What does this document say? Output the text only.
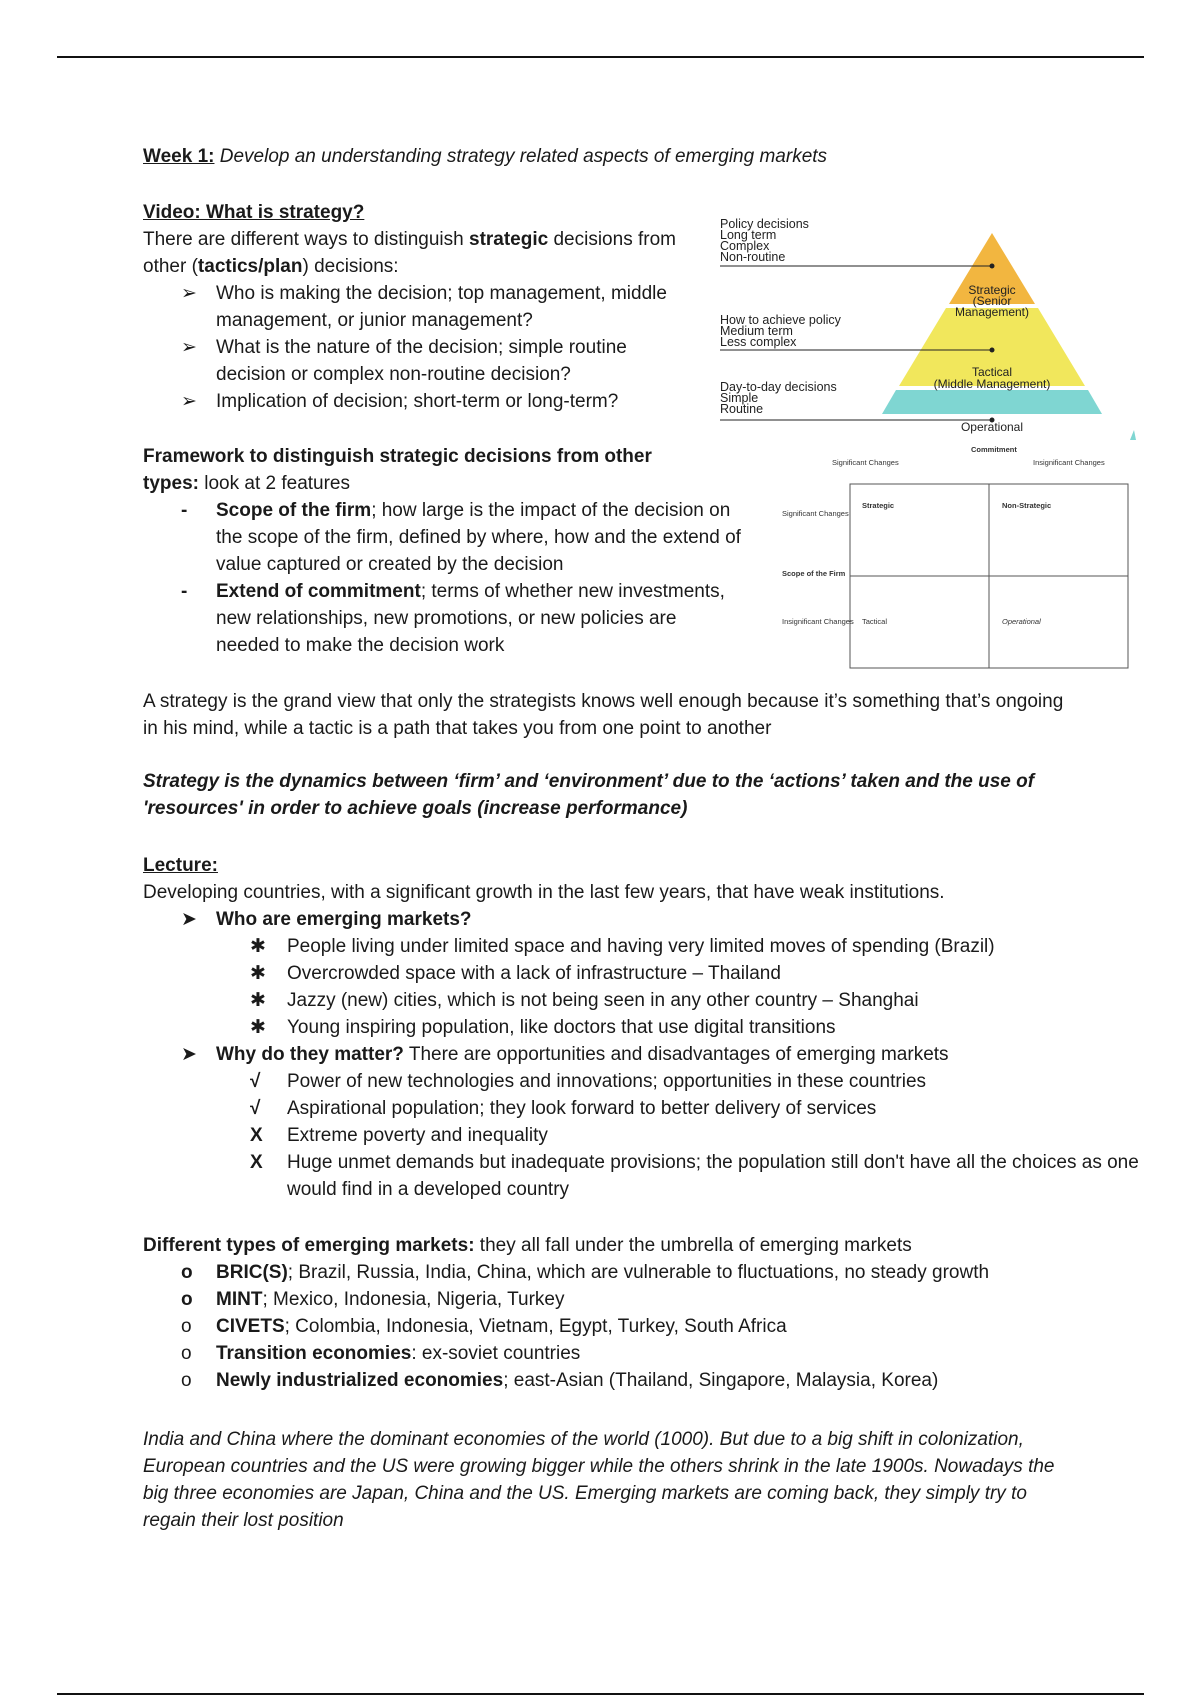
Week 1: Develop an understanding strategy related aspects of emerging markets
Video: What is strategy?
There are different ways to distinguish strategic decisions from other (tactics/plan) decisions:
➢ Who is making the decision; top management, middle management, or junior management?
➢ What is the nature of the decision; simple routine decision or complex non-routine decision?
➢ Implication of decision; short-term or long-term?
Policy decisions
Long term
Complex
Non-routine
How to achieve policy
Medium term
Less complex
Day-to-day decisions
Simple
Routine
Strategic
(Senior
Management)
Tactical
(Middle Management)
Operational
Commitment
Significant Changes	Insignificant Changes
Significant Changes
Scope of the Firm
Insignificant Changes
Strategic	Non-Strategic
Tactical	Operational
Framework to distinguish strategic decisions from other types: look at 2 features
- Scope of the firm; how large is the impact of the decision on the scope of the firm, defined by where, how and the extend of value captured or created by the decision
- Extend of commitment; terms of whether new investments, new relationships, new promotions, or new policies are needed to make the decision work
A strategy is the grand view that only the strategists knows well enough because it’s something that’s ongoing in his mind, while a tactic is a path that takes you from one point to another
Strategy is the dynamics between ‘firm’ and ‘environment’ due to the ‘actions’ taken and the use of 'resources' in order to achieve goals (increase performance)
Lecture:
Developing countries, with a significant growth in the last few years, that have weak institutions.
➤ Who are emerging markets?
✱ People living under limited space and having very limited moves of spending (Brazil)
✱ Overcrowded space with a lack of infrastructure – Thailand
✱ Jazzy (new) cities, which is not being seen in any other country – Shanghai
✱ Young inspiring population, like doctors that use digital transitions
➤ Why do they matter? There are opportunities and disadvantages of emerging markets
√ Power of new technologies and innovations; opportunities in these countries
√ Aspirational population; they look forward to better delivery of services
X Extreme poverty and inequality
X Huge unmet demands but inadequate provisions; the population still don't have all the choices as one would find in a developed country
Different types of emerging markets: they all fall under the umbrella of emerging markets
o BRIC(S); Brazil, Russia, India, China, which are vulnerable to fluctuations, no steady growth
o MINT; Mexico, Indonesia, Nigeria, Turkey
o CIVETS; Colombia, Indonesia, Vietnam, Egypt, Turkey, South Africa
o Transition economies: ex-soviet countries
o Newly industrialized economies; east-Asian (Thailand, Singapore, Malaysia, Korea)
India and China where the dominant economies of the world (1000). But due to a big shift in colonization, European countries and the US were growing bigger while the others shrink in the late 1900s. Nowadays the big three economies are Japan, China and the US. Emerging markets are coming back, they simply try to regain their lost position
